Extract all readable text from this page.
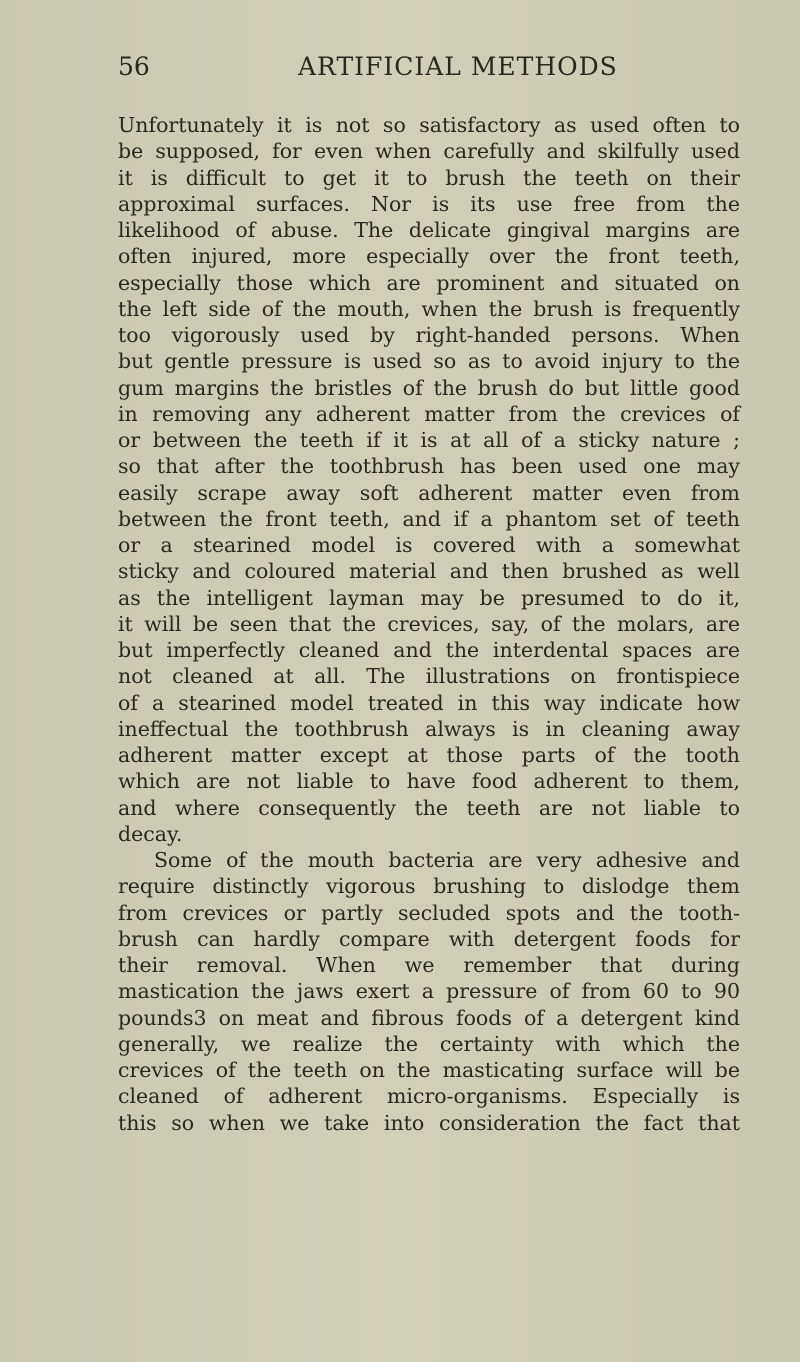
56	ARTIFICIAL METHODS
Unfortunately it is not so satisfactory as used often to
be supposed, for even when carefully and skilfully used
it is difficult to get it to brush the teeth on their
approximal surfaces. Nor is its use free from the
likelihood of abuse. The delicate gingival margins are
often injured, more especially over the front teeth,
especially those which are prominent and situated on
the left side of the mouth, when the brush is frequently
too vigorously used by right-handed persons. When
but gentle pressure is used so as to avoid injury to the
gum margins the bristles of the brush do but little good
in removing any adherent matter from the crevices of
or between the teeth if it is at all of a sticky nature ;
so that after the toothbrush has been used one may
easily scrape away soft adherent matter even from
between the front teeth, and if a phantom set of teeth
or a stearined model is covered with a somewhat
sticky and coloured material and then brushed as well
as the intelligent layman may be presumed to do it,
it will be seen that the crevices, say, of the molars, are
but imperfectly cleaned and the interdental spaces are
not cleaned at all. The illustrations on frontispiece
of a stearined model treated in this way indicate how
ineffectual the toothbrush always is in cleaning away
adherent matter except at those parts of the tooth
which are not liable to have food adherent to them,
and where consequently the teeth are not liable to
decay.
Some of the mouth bacteria are very adhesive and
require distinctly vigorous brushing to dislodge them
from crevices or partly secluded spots and the tooth-
brush can hardly compare with detergent foods for
their removal. When we remember that during
mastication the jaws exert a pressure of from 60 to 90
pounds3 on meat and fibrous foods of a detergent kind
generally, we realize the certainty with which the
crevices of the teeth on the masticating surface will be
cleaned of adherent micro-organisms. Especially is
this so when we take into consideration the fact that
